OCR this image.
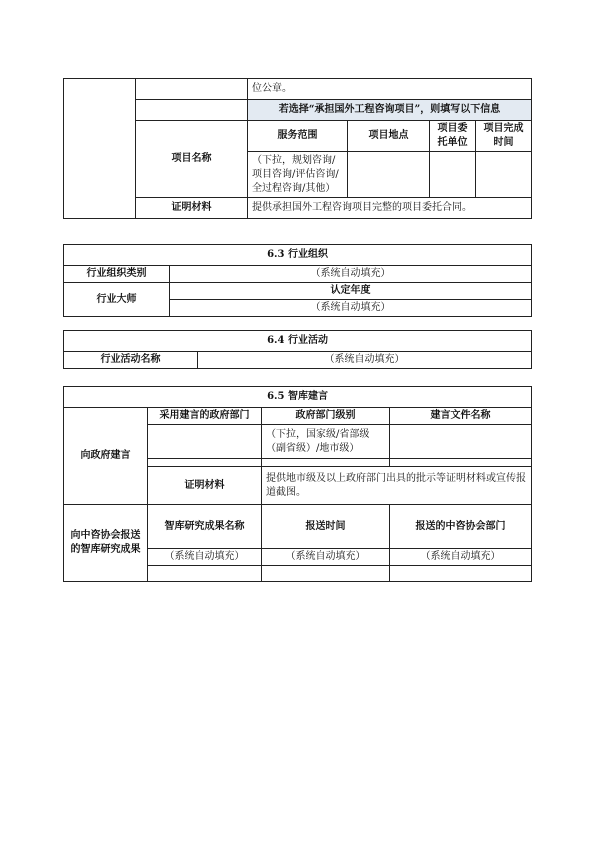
		位公章。			
		若选择“承担国外工程咨询项目”，则填写以下信息			
	项目名称	服务范围	项目地点	项目委托单位	项目完成时间
		（下拉，规划咨询/项目咨询/评估咨询/全过程咨询/其他）			
	证明材料	提供承担国外工程咨询项目完整的项目委托合同。			
6.3 行业组织	
行业组织类别	（系统自动填充）
行业大师	认定年度
	（系统自动填充）
6.4 行业活动
行业活动名称	（系统自动填充）
6.5 智库建言			
向政府建言	采用建言的政府部门	政府部门级别	建言文件名称
		（下拉，国家级/省部级（副省级）/地市级）	

	证明材料	提供地市级及以上政府部门出具的批示等证明材料或宣传报道截图。	
向中咨协会报送的智库研究成果	智库研究成果名称	报送时间	报送的中咨协会部门
	（系统自动填充）	（系统自动填充）	（系统自动填充）
